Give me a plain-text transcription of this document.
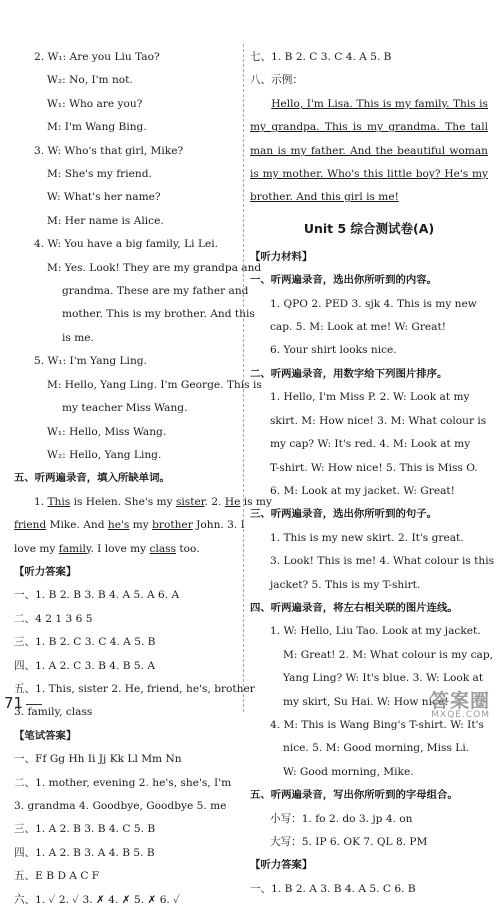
2. W₁: Are you Liu Tao?
W₂: No, I'm not.
W₁: Who are you?
M: I'm Wang Bing.
3. W: Who's that girl, Mike?
M: She's my friend.
W: What's her name?
M: Her name is Alice.
4. W: You have a big family, Li Lei.
M: Yes. Look! They are my grandpa and
grandma. These are my father and
mother. This is my brother. And this
is me.
5. W₁: I'm Yang Ling.
M: Hello, Yang Ling. I'm George. This is
my teacher Miss Wang.
W₁: Hello, Miss Wang.
W₂: Hello, Yang Ling.
五、听两遍录音，填入所缺单词。
1. This is Helen. She's my sister. 2. He is my
friend Mike. And he's my brother John. 3. I
love my family. I love my class too.
【听力答案】
一、1. B 2. B 3. B 4. A 5. A 6. A
二、4 2 1 3 6 5
三、1. B 2. C 3. C 4. A 5. B
四、1. A 2. C 3. B 4. B 5. A
五、1. This, sister 2. He, friend, he's, brother
3. family, class
【笔试答案】
一、Ff Gg Hh Ii Jj Kk Ll Mm Nn
二、1. mother, evening 2. he's, she's, I'm
3. grandma 4. Goodbye, Goodbye 5. me
三、1. A 2. B 3. B 4. C 5. B
四、1. A 2. B 3. A 4. B 5. B
五、E B D A C F
六、1. ✓ 2. ✓ 3. ✗ 4. ✗ 5. ✗ 6. ✓
七、1. B 2. C 3. C 4. A 5. B
八、示例：
Hello, I'm Lisa. This is my family. This is my grandpa. This is my grandma. The tall man is my father. And the beautiful woman is my mother. Who's this little boy? He's my brother. And this girl is me!
Unit 5 综合测试卷(A)
【听力材料】
一、听两遍录音，选出你所听到的内容。
1. QPO 2. PED 3. sjk 4. This is my new
cap. 5. M: Look at me! W: Great!
6. Your shirt looks nice.
二、听两遍录音，用数字给下列图片排序。
1. Hello, I'm Miss P. 2. W: Look at my
skirt. M: How nice! 3. M: What colour is
my cap? W: It's red. 4. M: Look at my
T-shirt. W: How nice! 5. This is Miss O.
6. M: Look at my jacket. W: Great!
三、听两遍录音，选出你所听到的句子。
1. This is my new skirt. 2. It's great.
3. Look! This is me! 4. What colour is this
jacket? 5. This is my T-shirt.
四、听两遍录音，将左右相关联的图片连线。
1. W: Hello, Liu Tao. Look at my jacket.
M: Great! 2. M: What colour is my cap,
Yang Ling? W: It's blue. 3. W: Look at
my skirt, Su Hai. W: How nice!
4. M: This is Wang Bing's T-shirt. W: It's
nice. 5. M: Good morning, Miss Li.
W: Good morning, Mike.
五、听两遍录音，写出你所听到的字母组合。
小写：1. fo 2. do 3. jp 4. on
大写：5. IP 6. OK 7. QL 8. PM
【听力答案】
一、1. B 2. A 3. B 4. A 5. C 6. B
71	答案圈
MXQE.COM
